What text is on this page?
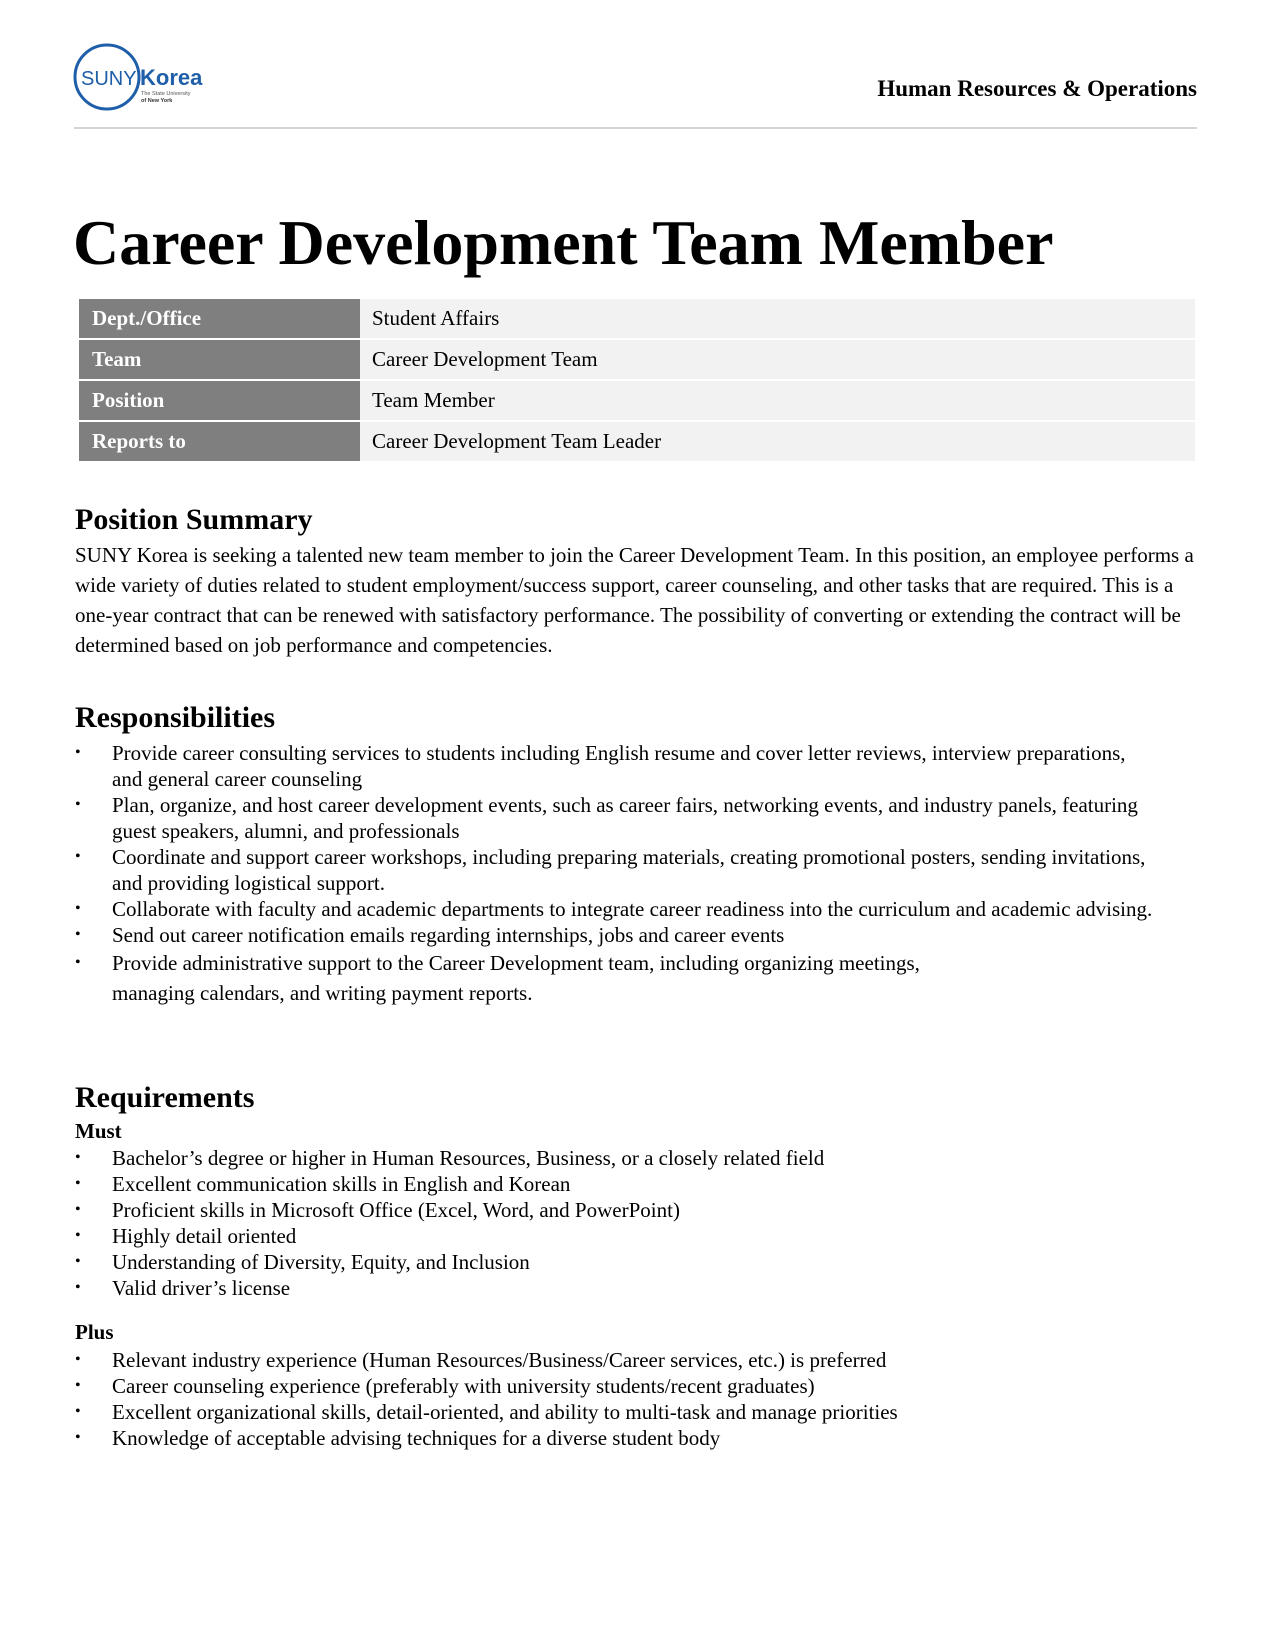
SUNY Korea
The State University
of New York	Human Resources & Operations
Career Development Team Member
Dept./Office	Student Affairs
Team	Career Development Team
Position	Team Member
Reports to	Career Development Team Leader
Position Summary

SUNY Korea is seeking a talented new team member to join the Career Development Team. In this position, an employee performs a wide variety of duties related to student employment/success support, career counseling, and other tasks that are required. This is a one-year contract that can be renewed with satisfactory performance. The possibility of converting or extending the contract will be determined based on job performance and competencies.

Responsibilities
• Provide career consulting services to students including English resume and cover letter reviews, interview preparations, and general career counseling
• Plan, organize, and host career development events, such as career fairs, networking events, and industry panels, featuring guest speakers, alumni, and professionals
• Coordinate and support career workshops, including preparing materials, creating promotional posters, sending invitations, and providing logistical support.
• Collaborate with faculty and academic departments to integrate career readiness into the curriculum and academic advising.
• Send out career notification emails regarding internships, jobs and career events
• Provide administrative support to the Career Development team, including organizing meetings, managing calendars, and writing payment reports.
Requirements
Must
• Bachelor’s degree or higher in Human Resources, Business, or a closely related field
• Excellent communication skills in English and Korean
• Proficient skills in Microsoft Office (Excel, Word, and PowerPoint)
• Highly detail oriented
• Understanding of Diversity, Equity, and Inclusion
• Valid driver’s license
Plus
• Relevant industry experience (Human Resources/Business/Career services, etc.) is preferred
• Career counseling experience (preferably with university students/recent graduates)
• Excellent organizational skills, detail-oriented, and ability to multi-task and manage priorities
• Knowledge of acceptable advising techniques for a diverse student body
